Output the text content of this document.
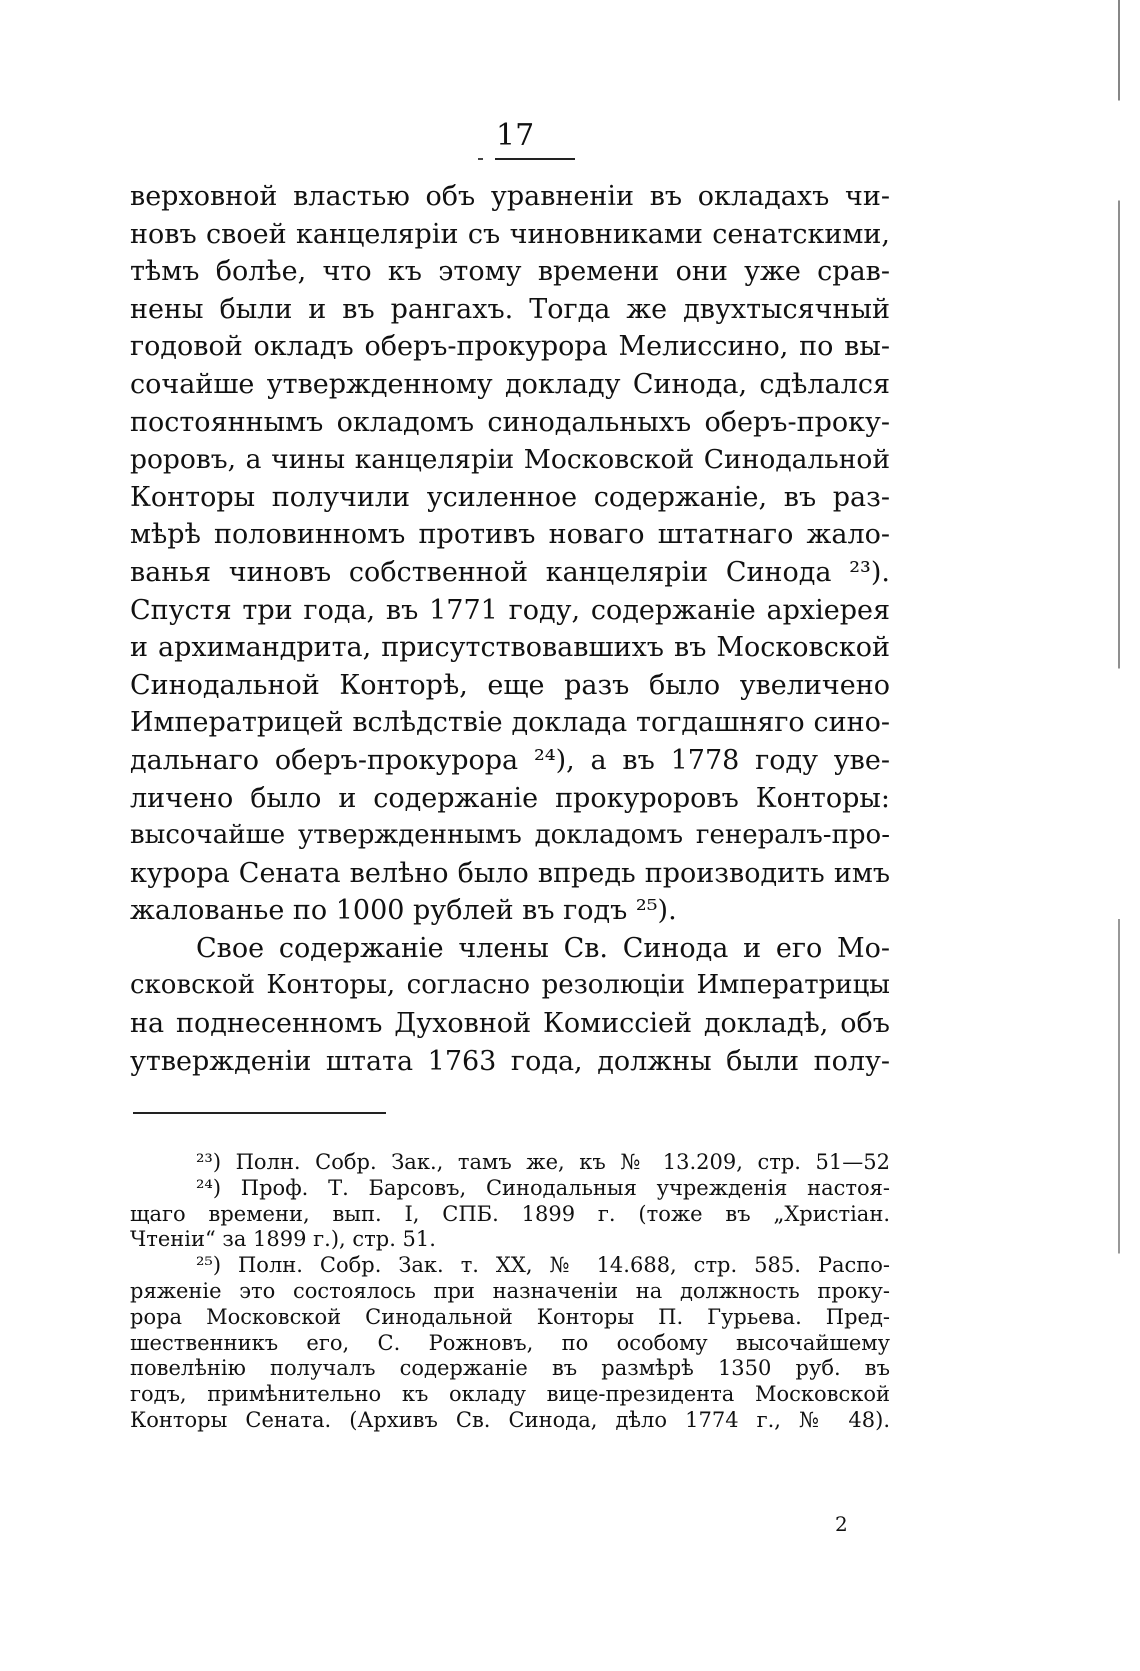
17
верховной властью объ уравнeніи въ окладахъ чи-
новъ своей канцеляріи съ чиновниками сенатскими,
тѣмъ болѣе, что къ этому времени они уже срав-
нены были и въ рангахъ. Тогда же двухтысячный
годовой окладъ оберъ-прокурора Мелиссино, по вы-
сочайше утвержденному докладу Синода, сдѣлался
постояннымъ окладомъ синодальныхъ оберъ-проку-
роровъ, а чины канцеляріи Московской Синодальной
Конторы получили усиленное содержаніе, въ раз-
мѣрѣ половинномъ противъ новаго штатнаго жало-
ванья чиновъ собственной канцеляріи Синода ²³).
Спустя три года, въ 1771 году, содержаніе архіерея
и архимандрита, присутствовавшихъ въ Московской
Синодальной Конторѣ, еще разъ было увеличено
Императрицей вслѣдствіе доклада тогдашняго сино-
дальнаго оберъ-прокурора ²⁴), а въ 1778 году уве-
личено было и содержаніе прокуроровъ Конторы:
высочайше утвержденнымъ докладомъ генералъ-про-
курора Сената велѣно было впредь производить имъ
жалованье по 1000 рублей въ годъ ²⁵).
Свое содержаніе члены Св. Синода и его Мо-
сковской Конторы, согласно резолюціи Императрицы
на поднесенномъ Духовной Комиссіей докладѣ, объ
утвержденіи штата 1763 года, должны были полу-
²³) Полн. Собр. Зак., тамъ же, къ № 13.209, стр. 51—52
²⁴) Проф. Т. Барсовъ, Синодальныя учрежденія настоя-
щаго времени, вып. I, СПБ. 1899 г. (тоже въ „Христіан.
Чтеніи“ за 1899 г.), стр. 51.
²⁵) Полн. Собр. Зак. т. XX, № 14.688, стр. 585. Распо-
ряженіе это состоялось при назначеніи на должность проку-
рора Московской Синодальной Конторы П. Гурьева. Пред-
шественникъ его, С. Рожновъ, по особому высочайшему
повелѣнію получалъ содержаніе въ размѣрѣ 1350 руб. въ
годъ, примѣнительно къ окладу вице-президента Московской
Конторы Сената. (Архивъ Св. Синода, дѣло 1774 г., № 48).
2
